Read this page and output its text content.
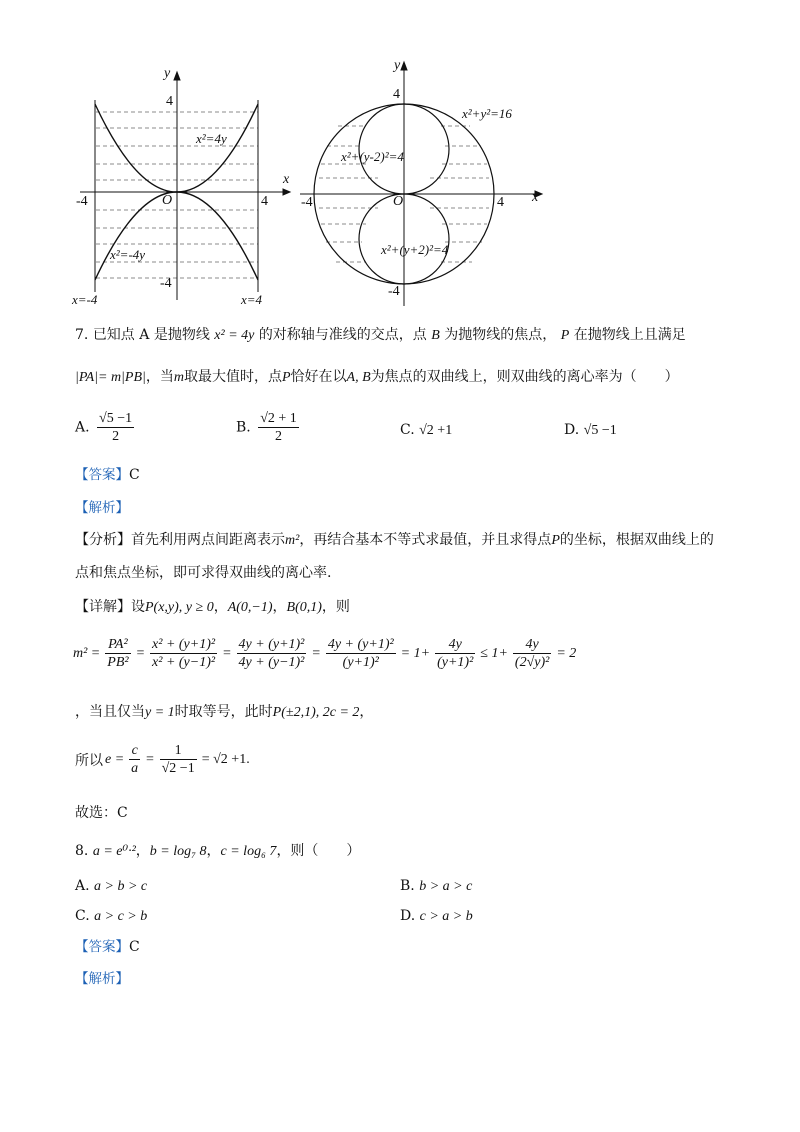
y
4
x
-4	O	4
-4
x²=4y
x²=-4y
x=-4	x=4
y
4
x
-4	O	4
-4
x²+y²=16
x²+(y-2)²=4
x²+(y+2)²=4
7. 已知点 A 是抛物线 x² = 4y 的对称轴与准线的交点，点 B 为抛物线的焦点， P 在抛物线上且满足
|PA|= m|PB|，当m取最大值时，点P恰好在以A, B为焦点的双曲线上，则双曲线的离心率为（　　）
A. $\frac{√5 -1}{2}$	B. $\frac{√2 + 1}{2}$	C. √2 +1	D. √5 −1
【答案】C
【解析】
【分析】首先利用两点间距离表示m²，再结合基本不等式求最值，并且求得点P的坐标，根据双曲线上的
点和焦点坐标，即可求得双曲线的离心率.
【详解】设P(x,y), y ≥ 0，A(0,−1)，B(0,1)，则
$m^2 = \frac{\text{PA²}}{\text{PB²}} = \frac{\text{x² + (y+1)²}}{\text{x² + (y−1)²}} = \frac{\text{4y + (y+1)²}}{\text{4y + (y−1)²}} = \frac{\text{4y + (y+1)²}}{\text{(y+1)²}} = 1+ \frac{4y}{\text{(y+1)²}} \le 1+ \frac{4y}{\text{(2√y)²}} = 2$
，当且仅当y = 1时取等号，此时P(±2,1), 2c = 2，
所以 $e = \frac{c}{a} = \frac{1}{√2 -1} = √2 +1$.
故选：C
8. a = e⁰·²，b = log₇ 8，c = log₆ 7，则（　　）
A. a > b > c	B. b > a > c
C. a > c > b	D. c > a > b
【答案】C
【解析】
